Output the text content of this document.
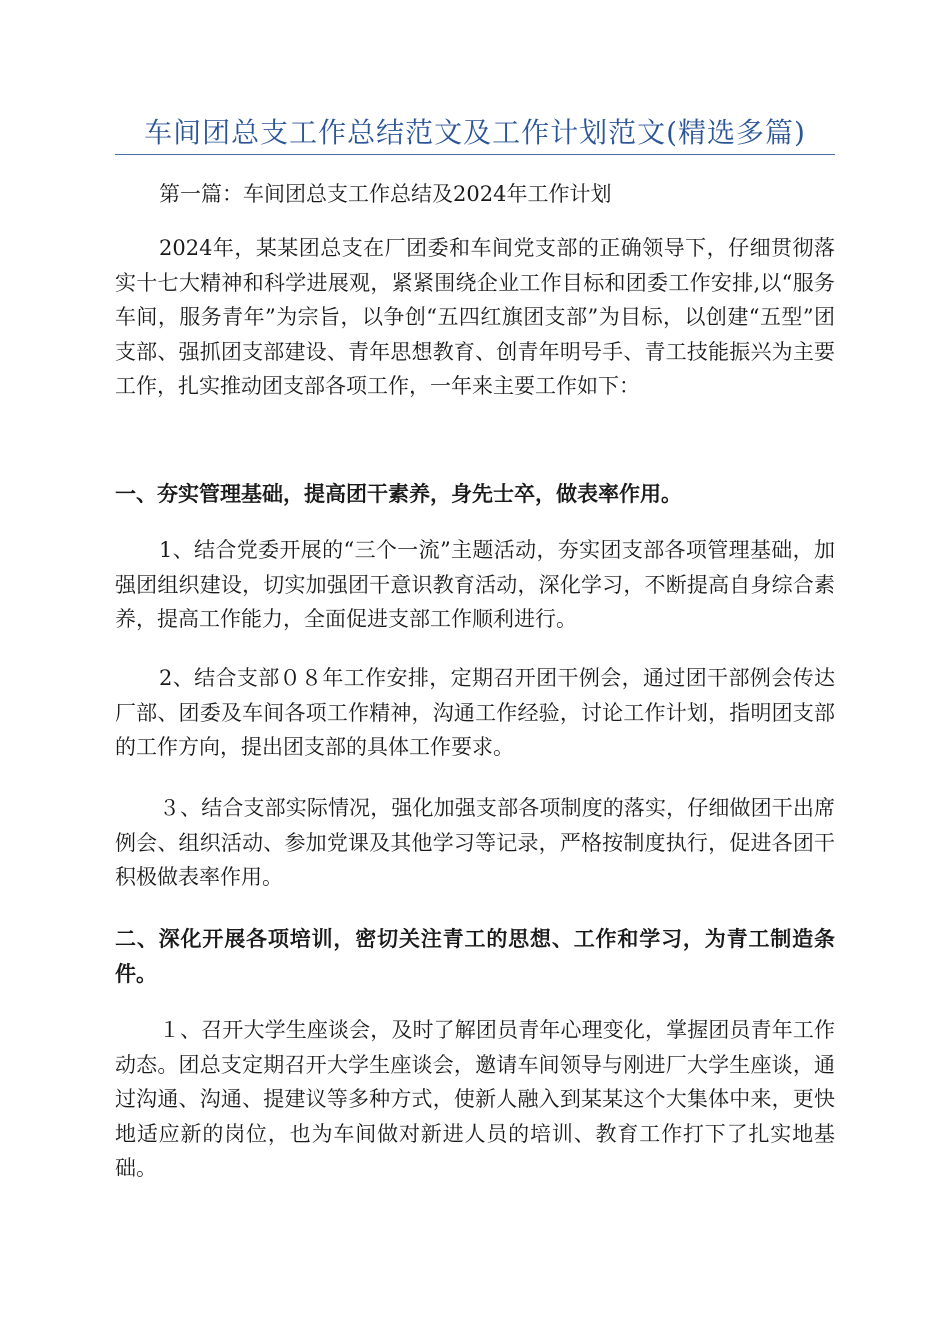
车间团总支工作总结范文及工作计划范文(精选多篇)

第一篇：车间团总支工作总结及2024年工作计划

2024年，某某团总支在厂团委和车间党支部的正确领导下，仔细贯彻落实十七大精神和科学进展观，紧紧围绕企业工作目标和团委工作安排,以“服务车间，服务青年”为宗旨，以争创“五四红旗团支部”为目标，以创建“五型”团支部、强抓团支部建设、青年思想教育、创青年明号手、青工技能振兴为主要工作，扎实推动团支部各项工作，一年来主要工作如下：

一、夯实管理基础，提高团干素养，身先士卒，做表率作用。

1、结合党委开展的“三个一流”主题活动，夯实团支部各项管理基础，加强团组织建设，切实加强团干意识教育活动，深化学习，不断提高自身综合素养，提高工作能力，全面促进支部工作顺利进行。

2、结合支部０８年工作安排，定期召开团干例会，通过团干部例会传达厂部、团委及车间各项工作精神，沟通工作经验，讨论工作计划，指明团支部的工作方向，提出团支部的具体工作要求。

３、结合支部实际情况，强化加强支部各项制度的落实，仔细做团干出席例会、组织活动、参加党课及其他学习等记录，严格按制度执行，促进各团干积极做表率作用。

二、深化开展各项培训，密切关注青工的思想、工作和学习，为青工制造条件。

１、召开大学生座谈会，及时了解团员青年心理变化，掌握团员青年工作动态。团总支定期召开大学生座谈会，邀请车间领导与刚进厂大学生座谈，通过沟通、沟通、提建议等多种方式，使新人融入到某某这个大集体中来，更快地适应新的岗位，也为车间做对新进人员的培训、教育工作打下了扎实地基础。
